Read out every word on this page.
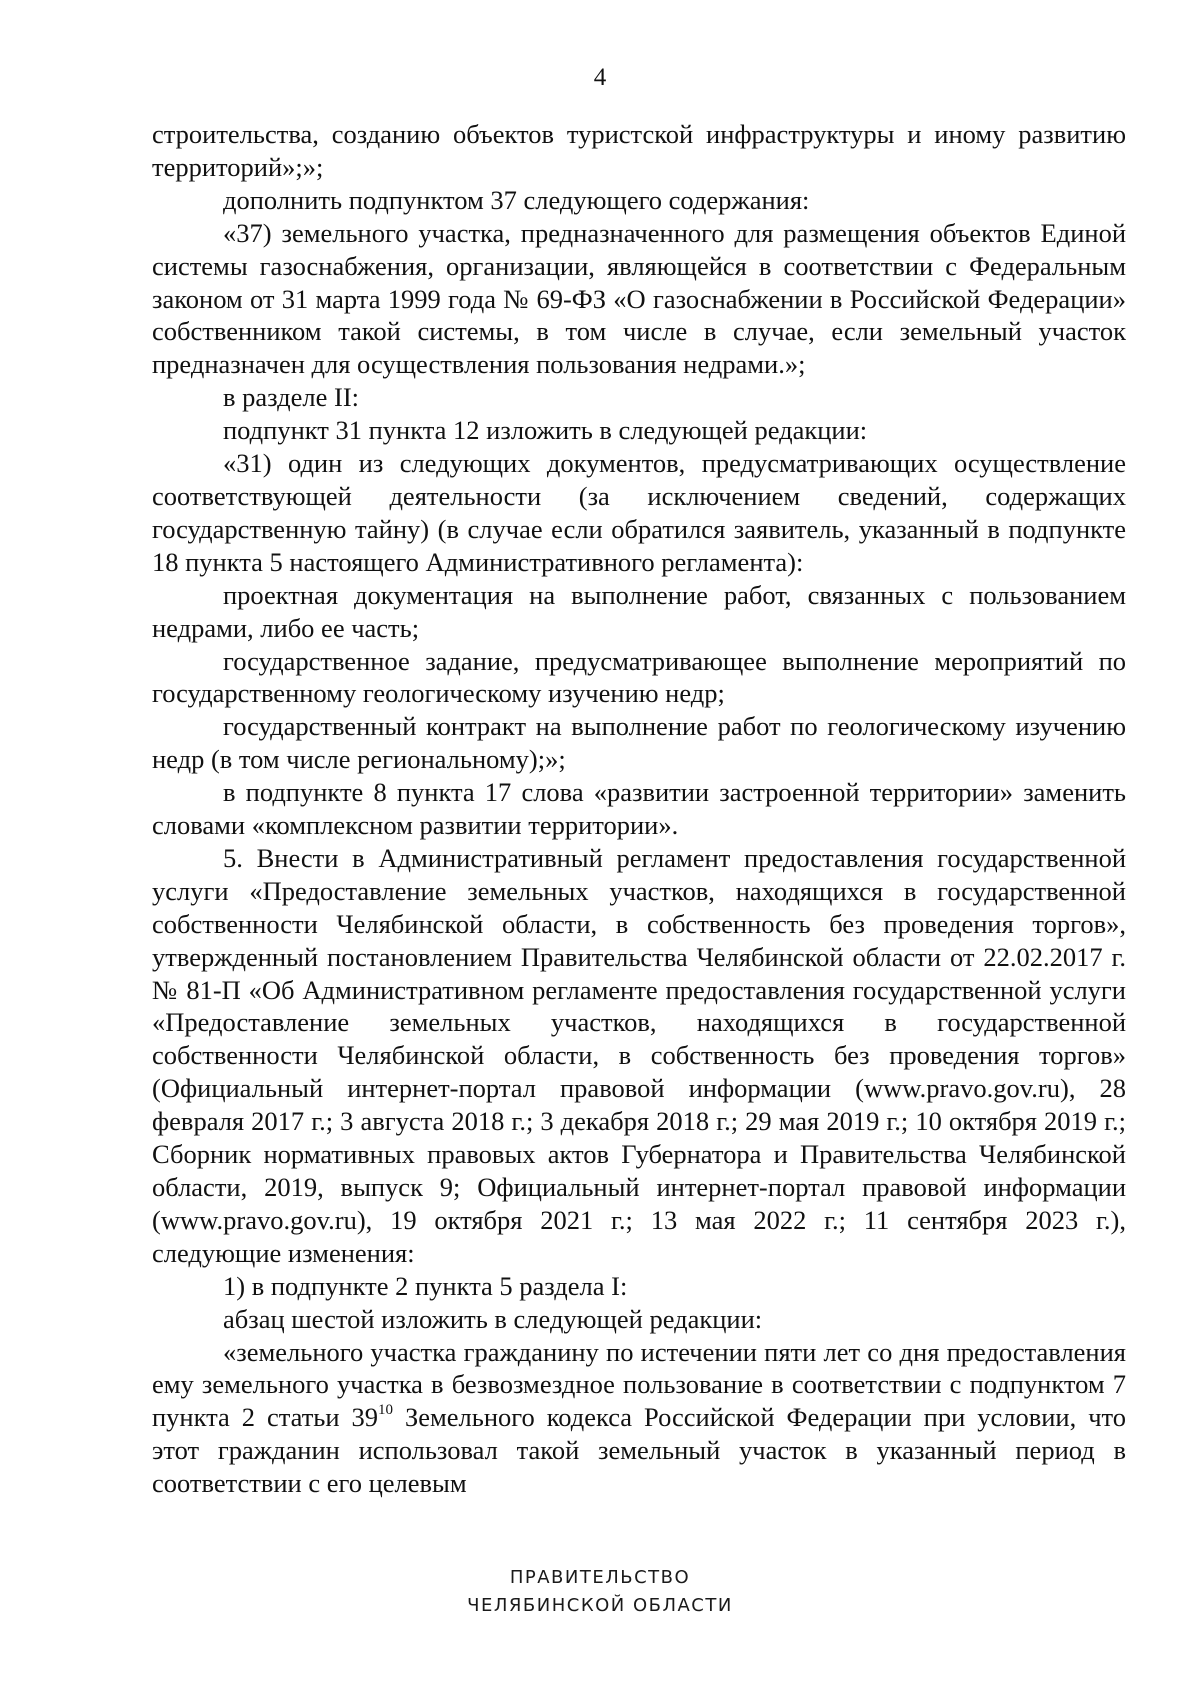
4

строительства, созданию объектов туристской инфраструктуры и иному развитию территорий»;»;

дополнить подпунктом 37 следующего содержания:

«37) земельного участка, предназначенного для размещения объектов Единой системы газоснабжения, организации, являющейся в соответствии с Федеральным законом от 31 марта 1999 года № 69-ФЗ «О газоснабжении в Российской Федерации» собственником такой системы, в том числе в случае, если земельный участок предназначен для осуществления пользования недрами.»;

в разделе II:

подпункт 31 пункта 12 изложить в следующей редакции:

«31) один из следующих документов, предусматривающих осуществление соответствующей деятельности (за исключением сведений, содержащих государственную тайну) (в случае если обратился заявитель, указанный в подпункте 18 пункта 5 настоящего Административного регламента):

проектная документация на выполнение работ, связанных с пользованием недрами, либо ее часть;

государственное задание, предусматривающее выполнение мероприятий по государственному геологическому изучению недр;

государственный контракт на выполнение работ по геологическому изучению недр (в том числе региональному);»;

в подпункте 8 пункта 17 слова «развитии застроенной территории» заменить словами «комплексном развитии территории».

5. Внести в Административный регламент предоставления государственной услуги «Предоставление земельных участков, находящихся в государственной собственности Челябинской области, в собственность без проведения торгов», утвержденный постановлением Правительства Челябинской области от 22.02.2017 г. № 81-П «Об Административном регламенте предоставления государственной услуги «Предоставление земельных участков, находящихся в государственной собственности Челябинской области, в собственность без проведения торгов» (Официальный интернет-портал правовой информации (www.pravo.gov.ru), 28 февраля 2017 г.; 3 августа 2018 г.; 3 декабря 2018 г.; 29 мая 2019 г.; 10 октября 2019 г.; Сборник нормативных правовых актов Губернатора и Правительства Челябинской области, 2019, выпуск 9; Официальный интернет-портал правовой информации (www.pravo.gov.ru), 19 октября 2021 г.; 13 мая 2022 г.; 11 сентября 2023 г.), следующие изменения:

1) в подпункте 2 пункта 5 раздела I:

абзац шестой изложить в следующей редакции:

«земельного участка гражданину по истечении пяти лет со дня предоставления ему земельного участка в безвозмездное пользование в соответствии с подпунктом 7 пункта 2 статьи $39^{10}$ Земельного кодекса Российской Федерации при условии, что этот гражданин использовал такой земельный участок в указанный период в соответствии с его целевым

ПРАВИТЕЛЬСТВО
ЧЕЛЯБИНСКОЙ ОБЛАСТИ
